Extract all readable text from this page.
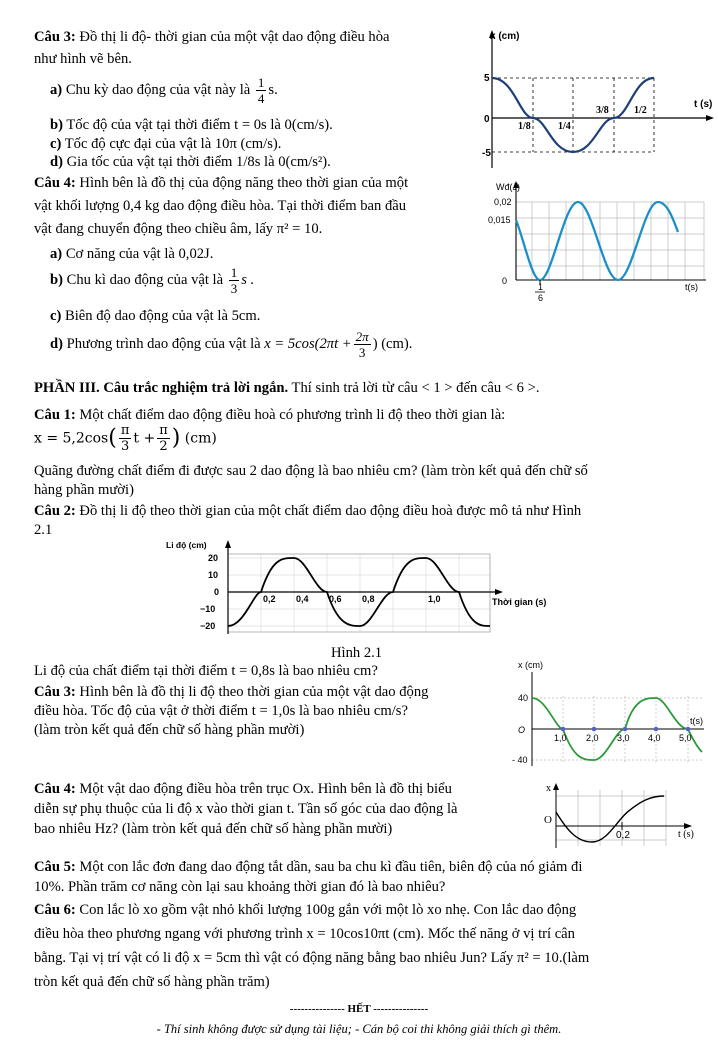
Câu 3: Đồ thị li độ- thời gian của một vật dao động điều hòa
như hình vẽ bên.
a) Chu kỳ dao động của vật này là $\frac{1}{4} s$.
b) Tốc độ của vật tại thời điểm t = 0s là 0(cm/s).
c) Tốc độ cực đại của vật là 10π (cm/s).
d) Gia tốc của vật tại thời điểm 1/8s là 0(cm/s²).
x (cm)
t (s)
5
0
-5
1/8	1/4
3/8	1/2
Câu 4: Hình bên là đồ thị của động năng theo thời gian của một
vật khối lượng 0,4 kg dao động điều hòa. Tại thời điểm ban đầu
vật đang chuyển động theo chiều âm, lấy π² = 10.
a) Cơ năng của vật là 0,02J.
b) Chu kì dao động của vật là $\frac{1}{3}$ s .
c) Biên độ dao động của vật là 5cm.
d) Phương trình dao động của vật là $x = 5\cos(2\pi t + \frac{2\pi}{3}$ ) (cm).
Wđ(J)
0,02
0,015
0
t(s)
1
6
PHẦN III. Câu trắc nghiệm trả lời ngắn. Thí sinh trả lời từ câu < 1 > đến câu < 6 >.
Câu 1: Một chất điểm dao động điều hoà có phương trình li độ theo thời gian là:
$x = 5,2\cos( \frac{\pi}{3}$ $t + \frac{\pi}{2}$ ) (cm)
Quãng đường chất điểm đi được sau 2 dao động là bao nhiêu cm? (làm tròn kết quả đến chữ số
hàng phần mười)
Câu 2: Đồ thị li độ theo thời gian của một chất điểm dao động điều hoà được mô tả như Hình
2.1
Li độ (cm)
20
10
0
−10
−20
0,2 0,4 0,6 0,8	1,0	Thời gian (s)
Hình 2.1
Li độ của chất điểm tại thời điểm t = 0,8s là bao nhiêu cm?
Câu 3: Hình bên là đồ thị li độ theo thời gian của một vật dao động
điều hòa. Tốc độ của vật ở thời điểm t = 1,0s là bao nhiêu cm/s?
(làm tròn kết quả đến chữ số hàng phần mười)
x (cm)
40
O
- 40
t(s)
1,0 2,0 3,0 4,0 5,0
Câu 4: Một vật dao động điều hòa trên trục Ox. Hình bên là đồ thị biểu
diễn sự phụ thuộc của li độ x vào thời gian t. Tần số góc của dao động là
bao nhiêu Hz? (làm tròn kết quả đến chữ số hàng phần mười)
x
O
0,2	t (s)
Câu 5: Một con lắc đơn đang dao động tắt dần, sau ba chu kì đầu tiên, biên độ của nó giảm đi
10%. Phần trăm cơ năng còn lại sau khoảng thời gian đó là bao nhiêu?
Câu 6: Con lắc lò xo gồm vật nhỏ khối lượng 100g gắn với một lò xo nhẹ. Con lắc dao động
điều hòa theo phương ngang với phương trình x = 10cos10πt (cm). Mốc thế năng ở vị trí cân
bằng. Tại vị trí vật có li độ x = 5cm thì vật có động năng bằng bao nhiêu Jun? Lấy π² = 10.(làm
tròn kết quả đến chữ số hàng phần trăm)
--------------- HẾT ---------------
- Thí sinh không được sử dụng tài liệu; - Cán bộ coi thi không giải thích gì thêm.
